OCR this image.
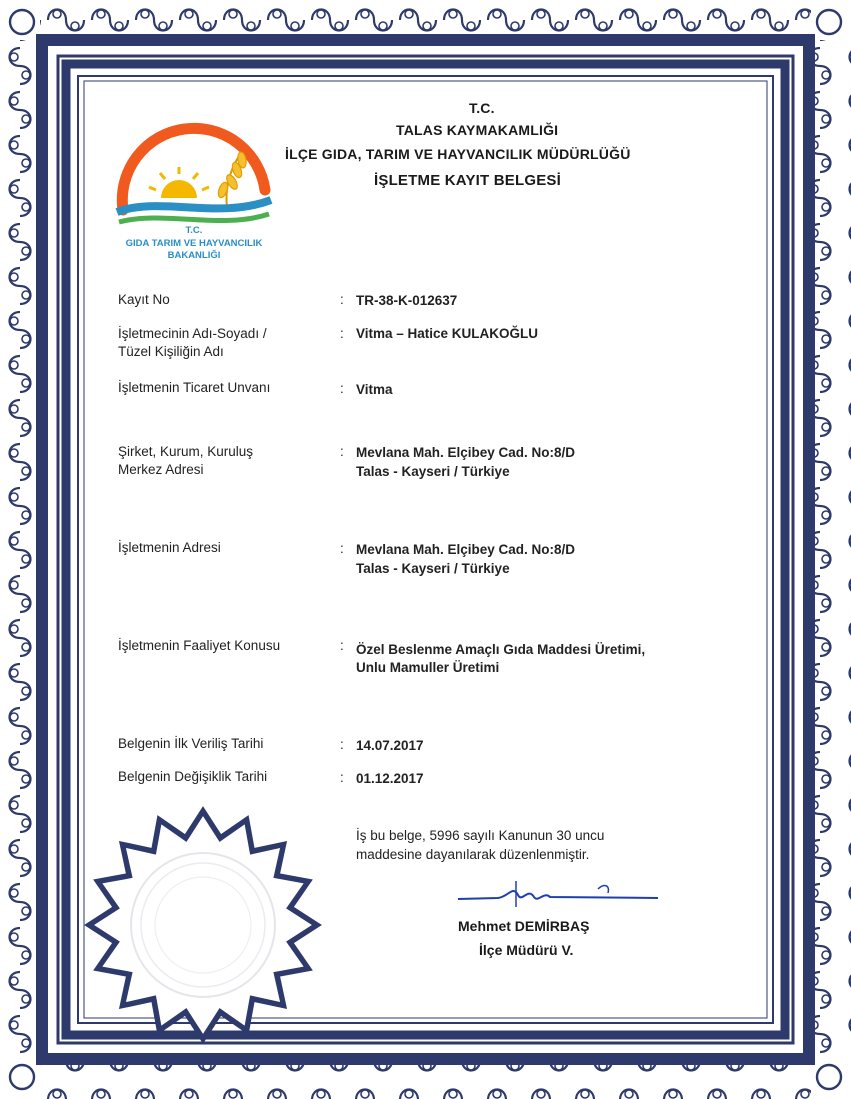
T.C.
GIDA TARIM VE HAYVANCILIK
BAKANLIĞI
T.C.
TALAS KAYMAKAMLIĞI
İLÇE GIDA, TARIM VE HAYVANCILIK MÜDÜRLÜĞÜ
İŞLETME KAYIT BELGESİ
Kayıt No	: TR-38-K-012637
İşletmecinin Adı-Soyadı /
Tüzel Kişiliğin Adı
: Vitma – Hatice KULAKOĞLU
İşletmenin Ticaret Unvanı	: Vitma
Şirket, Kurum, Kuruluş
Merkez Adresi
: Mevlana Mah. Elçibey Cad. No:8/D
Talas - Kayseri / Türkiye
İşletmenin Adresi	: Mevlana Mah. Elçibey Cad. No:8/D
Talas - Kayseri / Türkiye
İşletmenin Faaliyet Konusu	: Özel Beslenme Amaçlı Gıda Maddesi Üretimi,
Unlu Mamuller Üretimi
Belgenin İlk Veriliş Tarihi	: 14.07.2017
Belgenin Değişiklik Tarihi	: 01.12.2017
İş bu belge, 5996 sayılı Kanunun 30 uncu
maddesine dayanılarak düzenlenmiştir.
Mehmet DEMİRBAŞ
İlçe Müdürü V.
